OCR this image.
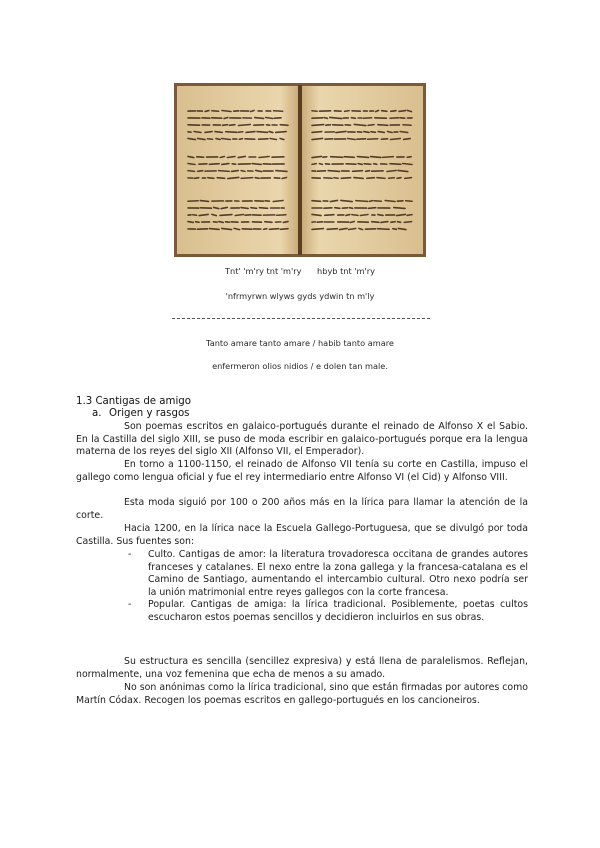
Tnt' 'm'ry tnt 'm'ry      hbyb tnt 'm'ry
'nfrmyrwn wlyws gyds ydwin tn m'ly
Tanto amare tanto amare / habib tanto amare
enfermeron olios nidios / e dolen tan male.
1.3 Cantigas de amigo
a. Origen y rasgos

Son poemas escritos en galaico-portugués durante el reinado de Alfonso X el Sabio. En la Castilla del siglo XIII, se puso de moda escribir en galaico-portugués porque era la lengua materna de los reyes del siglo XII (Alfonso VII, el Emperador).

En torno a 1100-1150, el reinado de Alfonso VII tenía su corte en Castilla, impuso el gallego como lengua oficial y fue el rey intermediario entre Alfonso VI (el Cid) y Alfonso VIII.

Esta moda siguió por 100 o 200 años más en la lírica para llamar la atención de la corte.

Hacia 1200, en la lírica nace la Escuela Gallego-Portuguesa, que se divulgó por toda Castilla. Sus fuentes son:

- Culto. Cantigas de amor: la literatura trovadoresca occitana de grandes autores franceses y catalanes. El nexo entre la zona gallega y la francesa-catalana es el Camino de Santiago, aumentando el intercambio cultural. Otro nexo podría ser la unión matrimonial entre reyes gallegos con la corte francesa.
- Popular. Cantigas de amiga: la lírica tradicional. Posiblemente, poetas cultos escucharon estos poemas sencillos y decidieron incluirlos en sus obras.

Su estructura es sencilla (sencillez expresiva) y está llena de paralelismos. Reflejan, normalmente, una voz femenina que echa de menos a su amado.

No son anónimas como la lírica tradicional, sino que están firmadas por autores como Martín Códax. Recogen los poemas escritos en gallego-portugués en los cancioneiros.
